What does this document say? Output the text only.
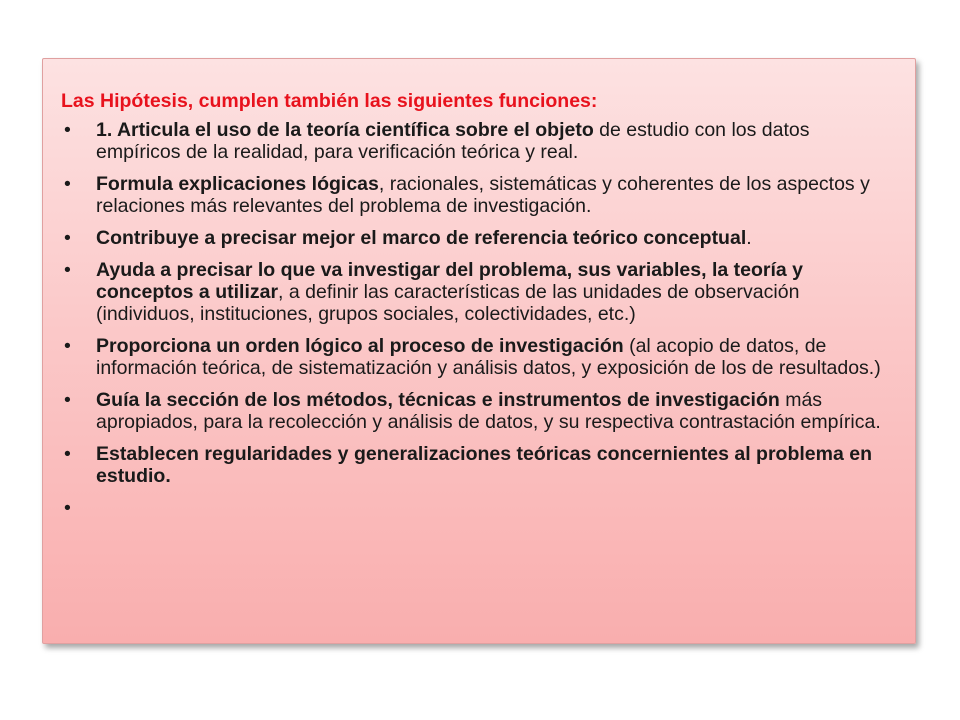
Las Hipótesis, cumplen también las siguientes funciones:
• 1. Articula el uso de la teoría científica sobre el objeto de estudio con los datos empíricos de la realidad, para verificación teórica y real.
• Formula explicaciones lógicas, racionales, sistemáticas y coherentes de los aspectos y relaciones más relevantes del problema de investigación.
• Contribuye a precisar mejor el marco de referencia teórico conceptual.
• Ayuda a precisar lo que va investigar del problema, sus variables, la teoría y conceptos a utilizar, a definir las características de las unidades de observación (individuos, instituciones, grupos sociales, colectividades, etc.)
• Proporciona un orden lógico al proceso de investigación (al acopio de datos, de información teórica, de sistematización y análisis datos, y exposición de los de resultados.)
• Guía la sección de los métodos, técnicas e instrumentos de investigación más apropiados, para la recolección y análisis de datos, y su respectiva contrastación empírica.
• Establecen regularidades y generalizaciones teóricas concernientes al problema en estudio.
•
